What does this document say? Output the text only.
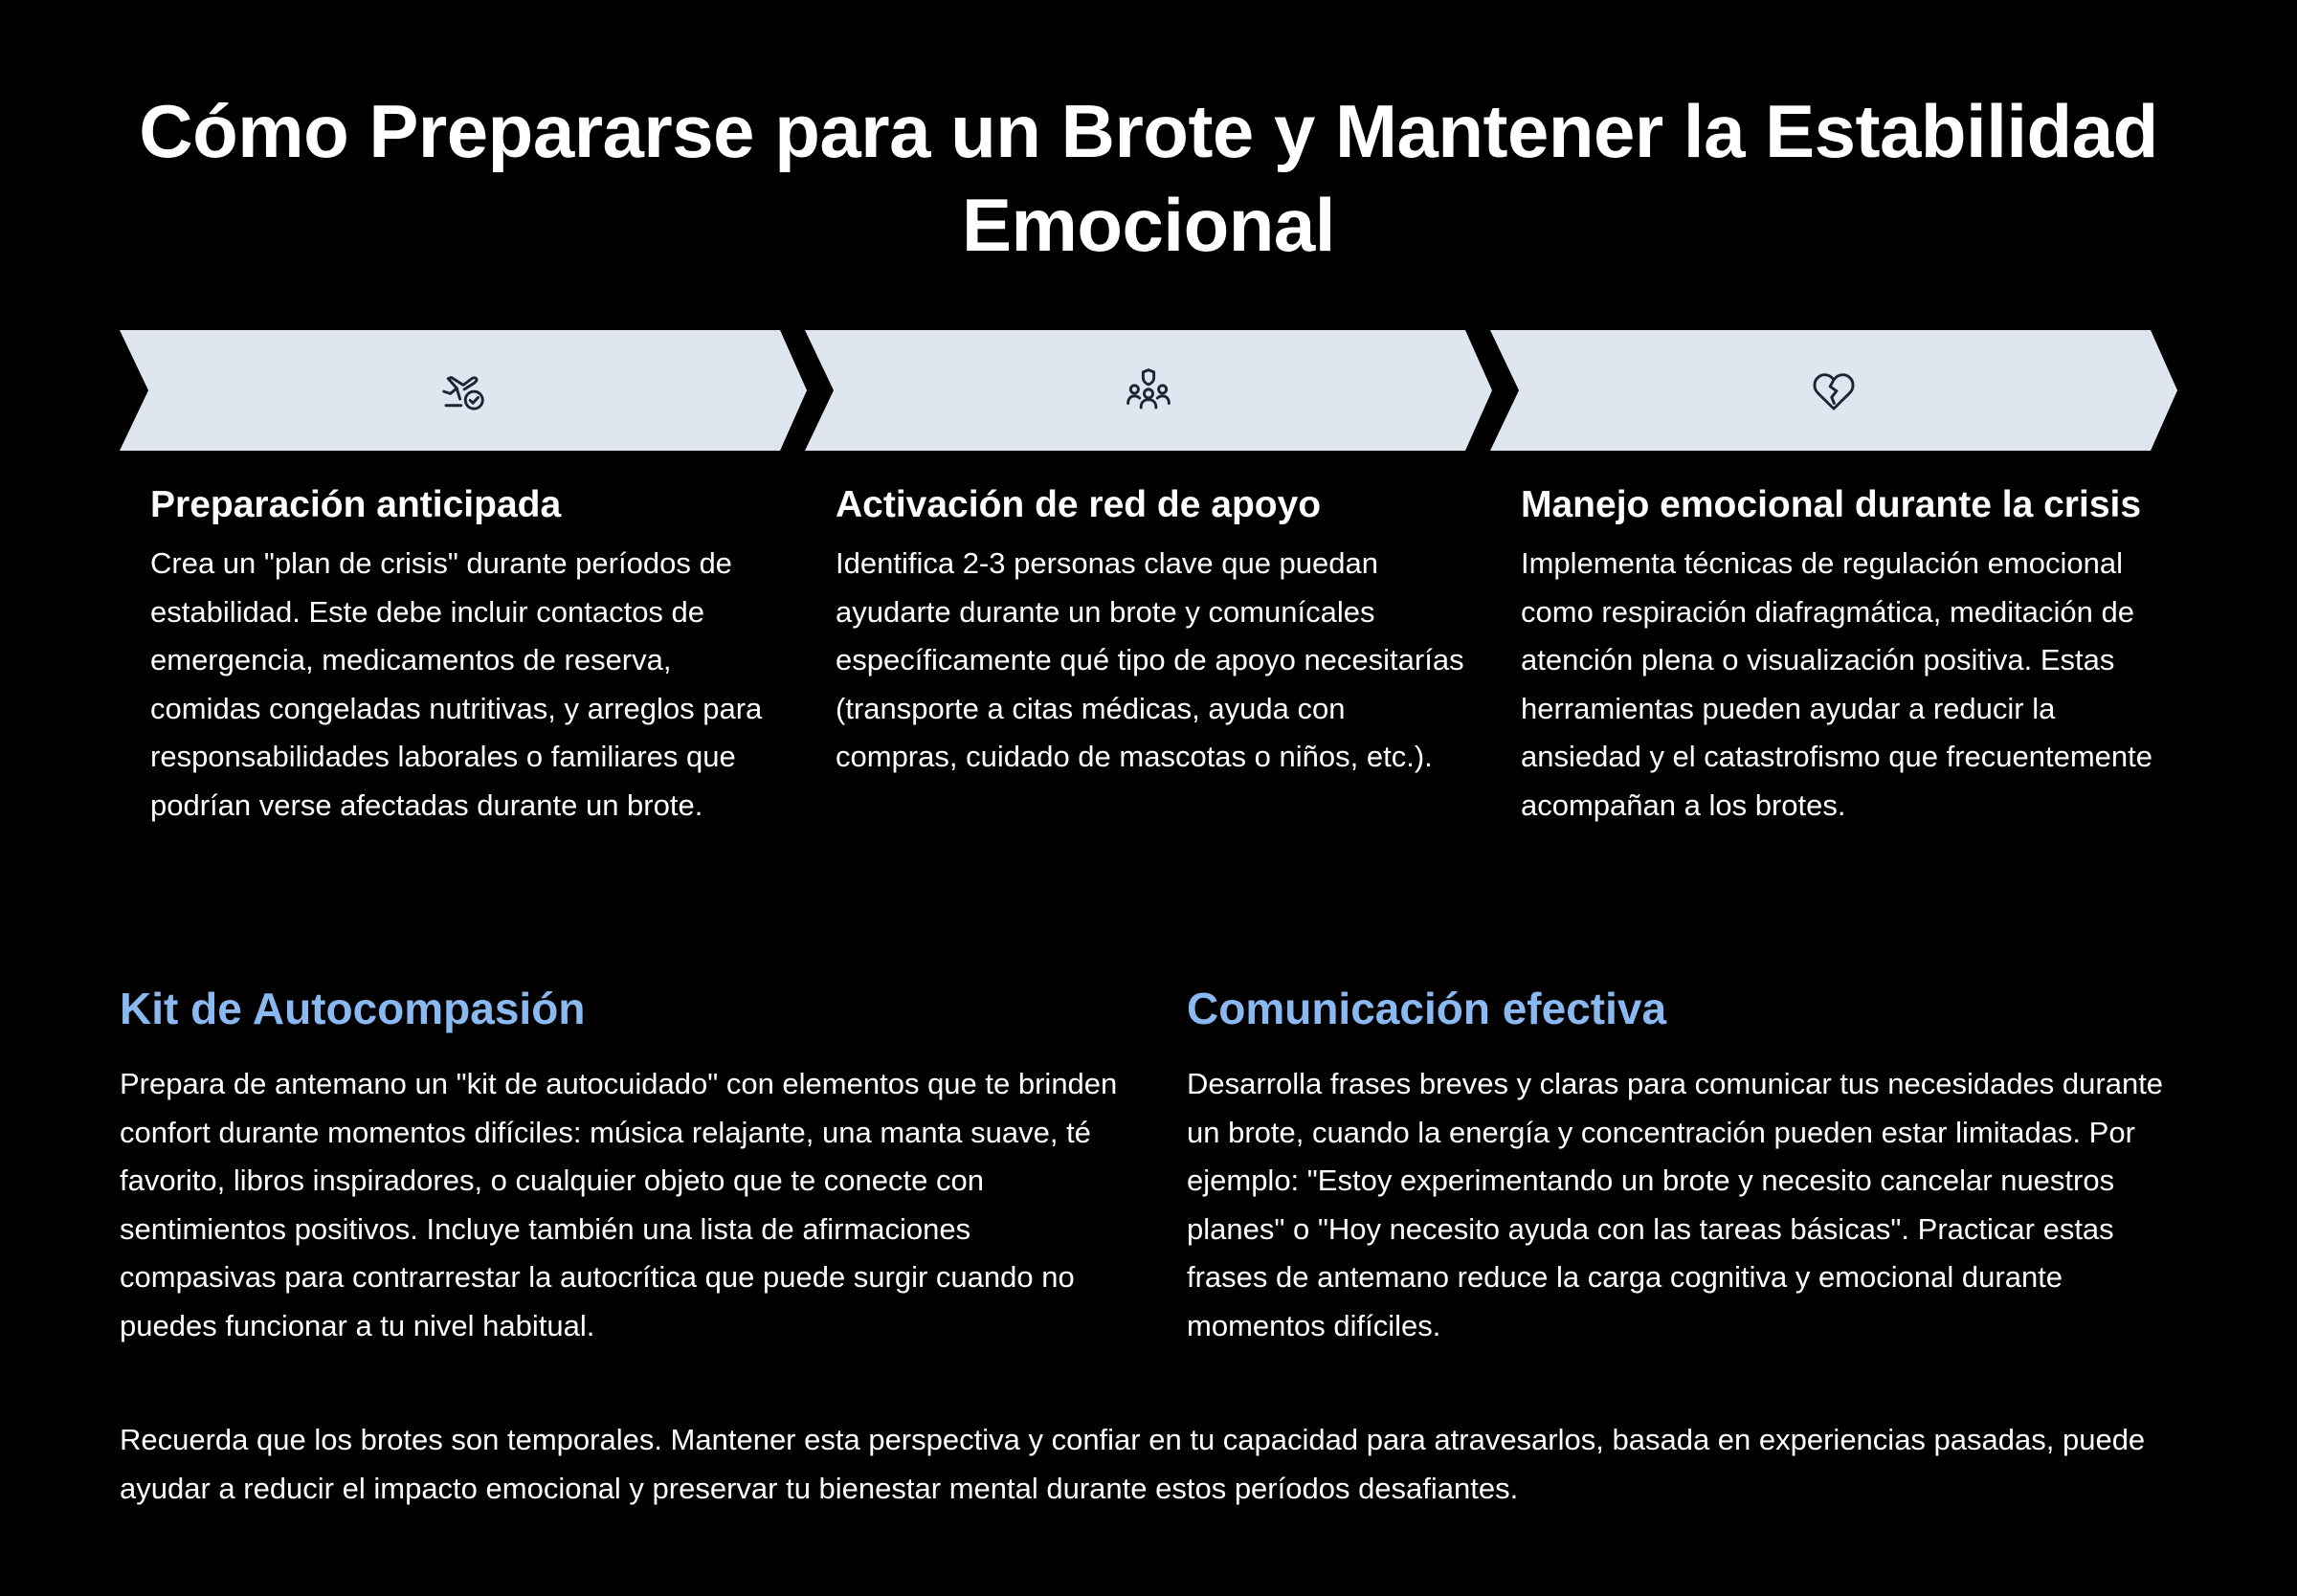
Cómo Prepararse para un Brote y Mantener la Estabilidad Emocional
Preparación anticipada

Crea un "plan de crisis" durante períodos de estabilidad. Este debe incluir contactos de emergencia, medicamentos de reserva, comidas congeladas nutritivas, y arreglos para responsabilidades laborales o familiares que podrían verse afectadas durante un brote.

Activación de red de apoyo

Identifica 2-3 personas clave que puedan ayudarte durante un brote y comunícales específicamente qué tipo de apoyo necesitarías (transporte a citas médicas, ayuda con compras, cuidado de mascotas o niños, etc.).

Manejo emocional durante la crisis

Implementa técnicas de regulación emocional como respiración diafragmática, meditación de atención plena o visualización positiva. Estas herramientas pueden ayudar a reducir la ansiedad y el catastrofismo que frecuentemente acompañan a los brotes.

Kit de Autocompasión

Prepara de antemano un "kit de autocuidado" con elementos que te brinden confort durante momentos difíciles: música relajante, una manta suave, té favorito, libros inspiradores, o cualquier objeto que te conecte con sentimientos positivos. Incluye también una lista de afirmaciones compasivas para contrarrestar la autocrítica que puede surgir cuando no puedes funcionar a tu nivel habitual.

Comunicación efectiva

Desarrolla frases breves y claras para comunicar tus necesidades durante un brote, cuando la energía y concentración pueden estar limitadas. Por ejemplo: "Estoy experimentando un brote y necesito cancelar nuestros planes" o "Hoy necesito ayuda con las tareas básicas". Practicar estas frases de antemano reduce la carga cognitiva y emocional durante momentos difíciles.

Recuerda que los brotes son temporales. Mantener esta perspectiva y confiar en tu capacidad para atravesarlos, basada en experiencias pasadas, puede ayudar a reducir el impacto emocional y preservar tu bienestar mental durante estos períodos desafiantes.
